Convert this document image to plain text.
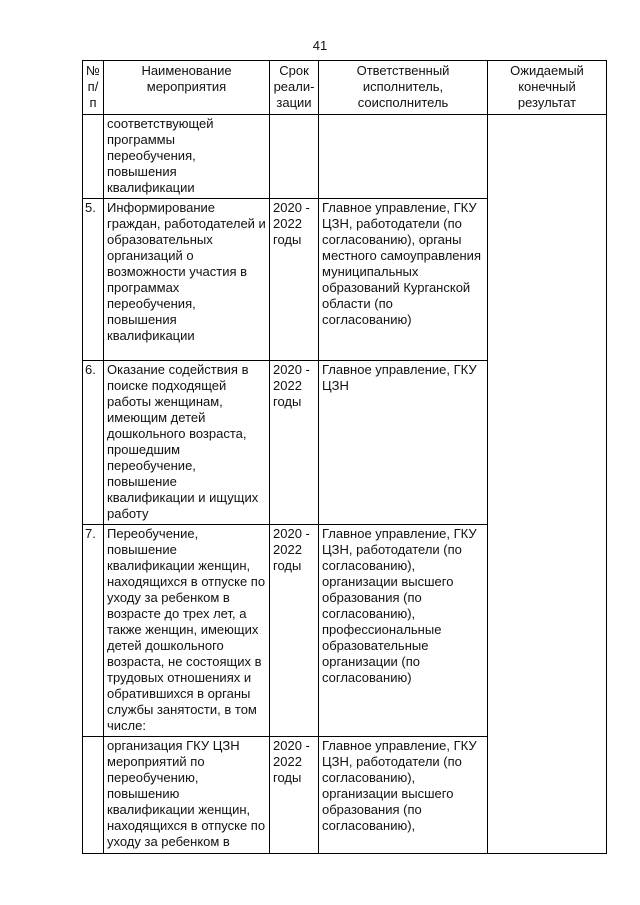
41
№ п/п	Наименование мероприятия	Срок реали-зации	Ответственный исполнитель, соисполнитель	Ожидаемый конечный результат
	соответствующей программы переобучения, повышения квалификации			
5.	Информирование граждан, работодателей и образовательных организаций о возможности участия в программах переобучения, повышения квалификации	2020 - 2022 годы	Главное управление, ГКУ ЦЗН, работодатели (по согласованию), органы местного самоуправления муниципальных образований Курганской области (по согласованию)	
6.	Оказание содействия в поиске подходящей работы женщинам, имеющим детей дошкольного возраста, прошедшим переобучение, повышение квалификации и ищущих работу	2020 - 2022 годы	Главное управление, ГКУ ЦЗН	
7.	Переобучение, повышение квалификации женщин, находящихся в отпуске по уходу за ребенком в возрасте до трех лет, а также женщин, имеющих детей дошкольного возраста, не состоящих в трудовых отношениях и обратившихся в органы службы занятости, в том числе:	2020 - 2022 годы	Главное управление, ГКУ ЦЗН, работодатели (по согласованию), организации высшего образования (по согласованию), профессиональные образовательные организации (по согласованию)	
	организация ГКУ ЦЗН мероприятий по переобучению, повышению квалификации женщин, находящихся в отпуске по уходу за ребенком в	2020 - 2022 годы	Главное управление, ГКУ ЦЗН, работодатели (по согласованию), организации высшего образования (по согласованию),	
